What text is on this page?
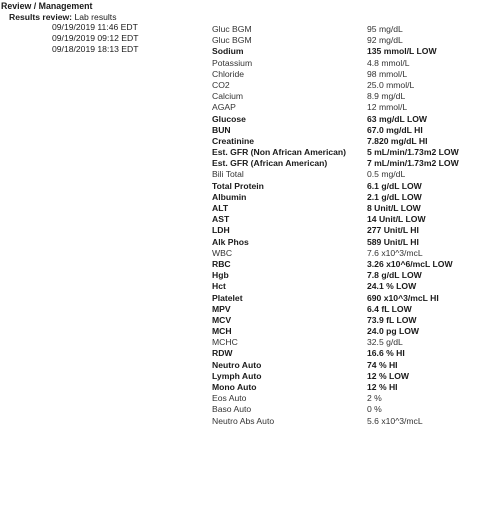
Review / Management
Results review: Lab results
09/19/2019 11:46 EDT
09/19/2019 09:12 EDT
09/18/2019 18:13 EDT
Gluc BGM	95 mg/dL
Gluc BGM	92 mg/dL
Sodium	135 mmol/L LOW
Potassium	4.8 mmol/L
Chloride	98 mmol/L
CO2	25.0 mmol/L
Calcium	8.9 mg/dL
AGAP	12 mmol/L
Glucose	63 mg/dL LOW
BUN	67.0 mg/dL HI
Creatinine	7.820 mg/dL HI
Est. GFR (Non African American)	5 mL/min/1.73m2 LOW
Est. GFR (African American)	7 mL/min/1.73m2 LOW
Bili Total	0.5 mg/dL
Total Protein	6.1 g/dL LOW
Albumin	2.1 g/dL LOW
ALT	8 Unit/L LOW
AST	14 Unit/L LOW
LDH	277 Unit/L HI
Alk Phos	589 Unit/L HI
WBC	7.6 x10^3/mcL
RBC	3.26 x10^6/mcL LOW
Hgb	7.8 g/dL LOW
Hct	24.1 % LOW
Platelet	690 x10^3/mcL HI
MPV	6.4 fL LOW
MCV	73.9 fL LOW
MCH	24.0 pg LOW
MCHC	32.5 g/dL
RDW	16.6 % HI
Neutro Auto	74 % HI
Lymph Auto	12 % LOW
Mono Auto	12 % HI
Eos Auto	2 %
Baso Auto	0 %
Neutro Abs Auto	5.6 x10^3/mcL
